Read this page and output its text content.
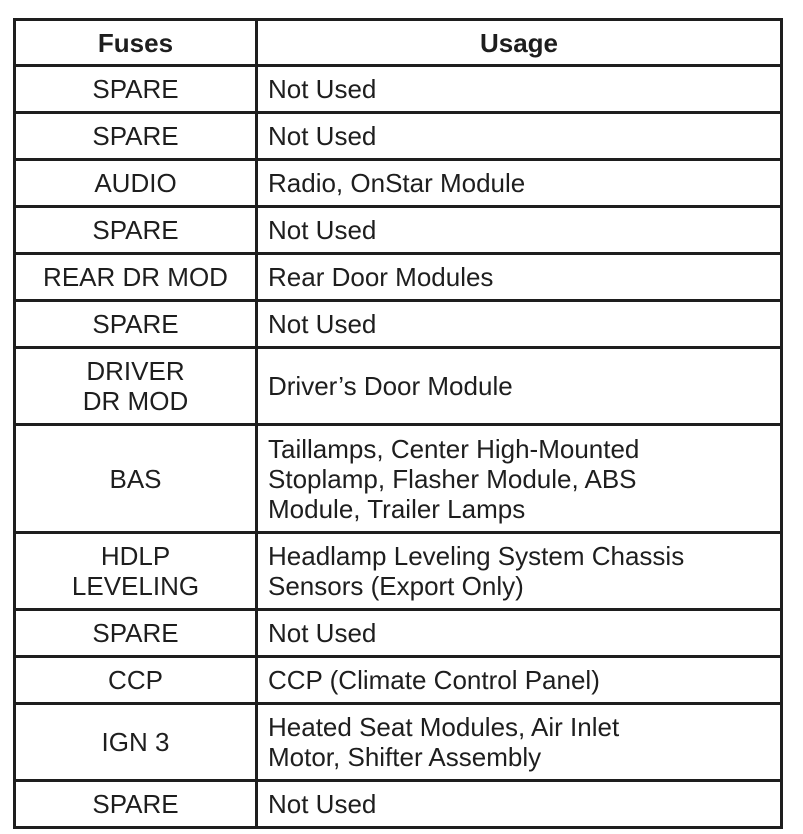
Fuses	Usage

SPARE	Not Used

SPARE	Not Used

AUDIO	Radio, OnStar Module

SPARE	Not Used

REAR DR MOD	Rear Door Modules

SPARE	Not Used

DRIVER
DR MOD	Driver’s Door Module

BAS	Taillamps, Center High-Mounted
Stoplamp, Flasher Module, ABS
Module, Trailer Lamps

HDLP
LEVELING	Headlamp Leveling System Chassis
Sensors (Export Only)

SPARE	Not Used

CCP	CCP (Climate Control Panel)

IGN 3	Heated Seat Modules, Air Inlet
Motor, Shifter Assembly

SPARE	Not Used
